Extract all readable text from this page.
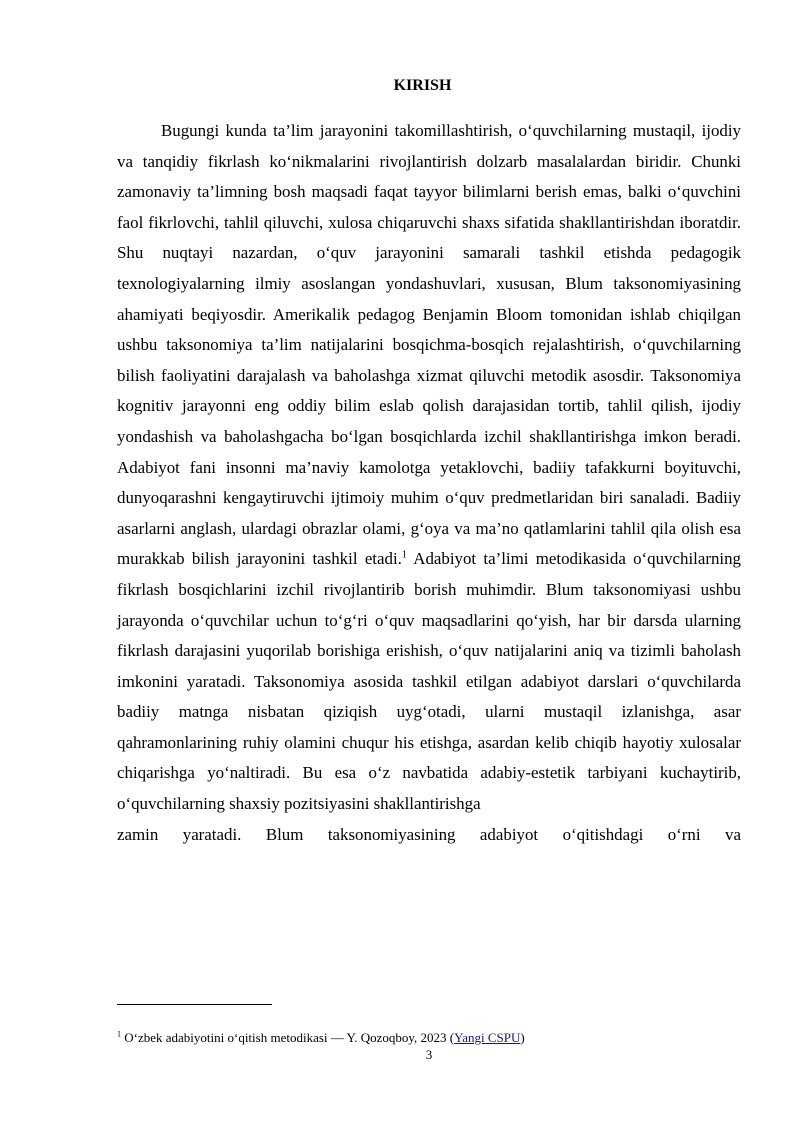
KIRISH

Bugungi kunda ta’lim jarayonini takomillashtirish, o‘quvchilarning mustaqil, ijodiy va tanqidiy fikrlash ko‘nikmalarini rivojlantirish dolzarb masalalardan biridir. Chunki zamonaviy ta’limning bosh maqsadi faqat tayyor bilimlarni berish emas, balki o‘quvchini faol fikrlovchi, tahlil qiluvchi, xulosa chiqaruvchi shaxs sifatida shakllantirishdan iboratdir. Shu nuqtayi nazardan, o‘quv jarayonini samarali tashkil etishda pedagogik texnologiyalarning ilmiy asoslangan yondashuvlari, xususan, Blum taksonomiyasining ahamiyati beqiyosdir. Amerikalik pedagog Benjamin Bloom tomonidan ishlab chiqilgan ushbu taksonomiya ta’lim natijalarini bosqichma-bosqich rejalashtirish, o‘quvchilarning bilish faoliyatini darajalash va baholashga xizmat qiluvchi metodik asosdir. Taksonomiya kognitiv jarayonni eng oddiy bilim eslab qolish darajasidan tortib, tahlil qilish, ijodiy yondashish va baholashgacha bo‘lgan bosqichlarda izchil shakllantirishga imkon beradi. Adabiyot fani insonni ma’naviy kamolotga yetaklovchi, badiiy tafakkurni boyituvchi, dunyoqarashni kengaytiruvchi ijtimoiy muhim o‘quv predmetlaridan biri sanaladi. Badiiy asarlarni anglash, ulardagi obrazlar olami, g‘oya va ma’no qatlamlarini tahlil qila olish esa murakkab bilish jarayonini tashkil etadi.$^1$ Adabiyot ta’limi metodikasida o‘quvchilarning fikrlash bosqichlarini izchil rivojlantirib borish muhimdir. Blum taksonomiyasi ushbu jarayonda o‘quvchilar uchun to‘g‘ri o‘quv maqsadlarini qo‘yish, har bir darsda ularning fikrlash darajasini yuqorilab borishiga erishish, o‘quv natijalarini aniq va tizimli baholash imkonini yaratadi. Taksonomiya asosida tashkil etilgan adabiyot darslari o‘quvchilarda badiiy matnga nisbatan qiziqish uyg‘otadi, ularni mustaqil izlanishga, asar qahramonlarining ruhiy olamini chuqur his etishga, asardan kelib chiqib hayotiy xulosalar chiqarishga yo‘naltiradi. Bu esa o‘z navbatida adabiy-estetik tarbiyani kuchaytirib, o‘quvchilarning shaxsiy pozitsiyasini shakllantirishga
zamin yaratadi. Blum taksonomiyasining adabiyot o‘qitishdagi o‘rni va

$^1$ O‘zbek adabiyotini o‘qitish metodikasi — Y. Qozoqboy, 2023 (Yangi CSPU)
3
